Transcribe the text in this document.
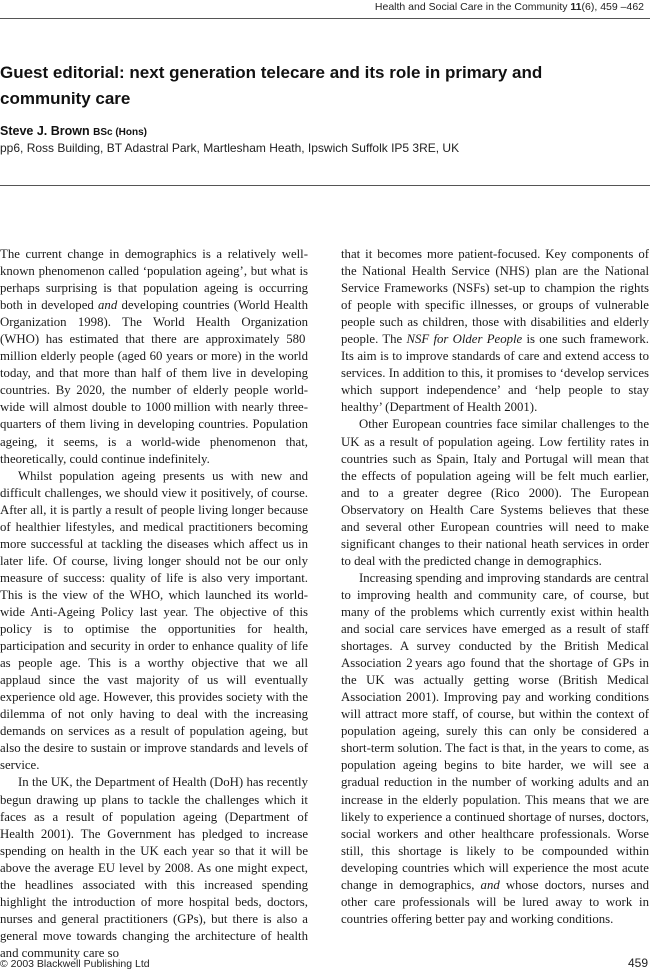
Health and Social Care in the Community 11(6), 459 –462
Guest editorial: next generation telecare and its role in primary and community care
Steve J. Brown BSc (Hons)
pp6, Ross Building, BT Adastral Park, Martlesham Heath, Ipswich Suffolk IP5 3RE, UK

The current change in demographics is a relatively well-known phenomenon called ‘population ageing’, but what is perhaps surprising is that population ageing is occurring both in developed and developing countries (World Health Organization 1998). The World Health Organization (WHO) has estimated that there are approximately 580 million elderly people (aged 60 years or more) in the world today, and that more than half of them live in developing countries. By 2020, the number of elderly people world-wide will almost double to 1000 million with nearly three-quarters of them living in developing countries. Population ageing, it seems, is a world-wide phenomenon that, theoretically, could continue indefinitely.

Whilst population ageing presents us with new and difficult challenges, we should view it positively, of course. After all, it is partly a result of people living longer because of healthier lifestyles, and medical practitioners becoming more successful at tackling the diseases which affect us in later life. Of course, living longer should not be our only measure of success: quality of life is also very important. This is the view of the WHO, which launched its world-wide Anti-Ageing Policy last year. The objective of this policy is to optimise the opportunities for health, participation and security in order to enhance quality of life as people age. This is a worthy objective that we all applaud since the vast majority of us will eventually experience old age. However, this provides society with the dilemma of not only having to deal with the increasing demands on services as a result of population ageing, but also the desire to sustain or improve standards and levels of service.

In the UK, the Department of Health (DoH) has recently begun drawing up plans to tackle the challenges which it faces as a result of population ageing (Department of Health 2001). The Government has pledged to increase spending on health in the UK each year so that it will be above the average EU level by 2008. As one might expect, the headlines associated with this increased spending highlight the introduction of more hospital beds, doctors, nurses and general practitioners (GPs), but there is also a general move towards changing the architecture of health and community care so

that it becomes more patient-focused. Key components of the National Health Service (NHS) plan are the National Service Frameworks (NSFs) set-up to champion the rights of people with specific illnesses, or groups of vulnerable people such as children, those with disabilities and elderly people. The NSF for Older People is one such framework. Its aim is to improve standards of care and extend access to services. In addition to this, it promises to ‘develop services which support independence’ and ‘help people to stay healthy’ (Department of Health 2001).

Other European countries face similar challenges to the UK as a result of population ageing. Low fertility rates in countries such as Spain, Italy and Portugal will mean that the effects of population ageing will be felt much earlier, and to a greater degree (Rico 2000). The European Observatory on Health Care Systems believes that these and several other European countries will need to make significant changes to their national heath services in order to deal with the predicted change in demographics.

Increasing spending and improving standards are central to improving health and community care, of course, but many of the problems which currently exist within health and social care services have emerged as a result of staff shortages. A survey conducted by the British Medical Association 2 years ago found that the shortage of GPs in the UK was actually getting worse (British Medical Association 2001). Improving pay and working conditions will attract more staff, of course, but within the context of population ageing, surely this can only be considered a short-term solution. The fact is that, in the years to come, as population ageing begins to bite harder, we will see a gradual reduction in the number of working adults and an increase in the elderly population. This means that we are likely to experience a continued shortage of nurses, doctors, social workers and other healthcare professionals. Worse still, this shortage is likely to be compounded within developing countries which will experience the most acute change in demographics, and whose doctors, nurses and other care professionals will be lured away to work in countries offering better pay and working conditions.

© 2003 Blackwell Publishing Ltd	459
